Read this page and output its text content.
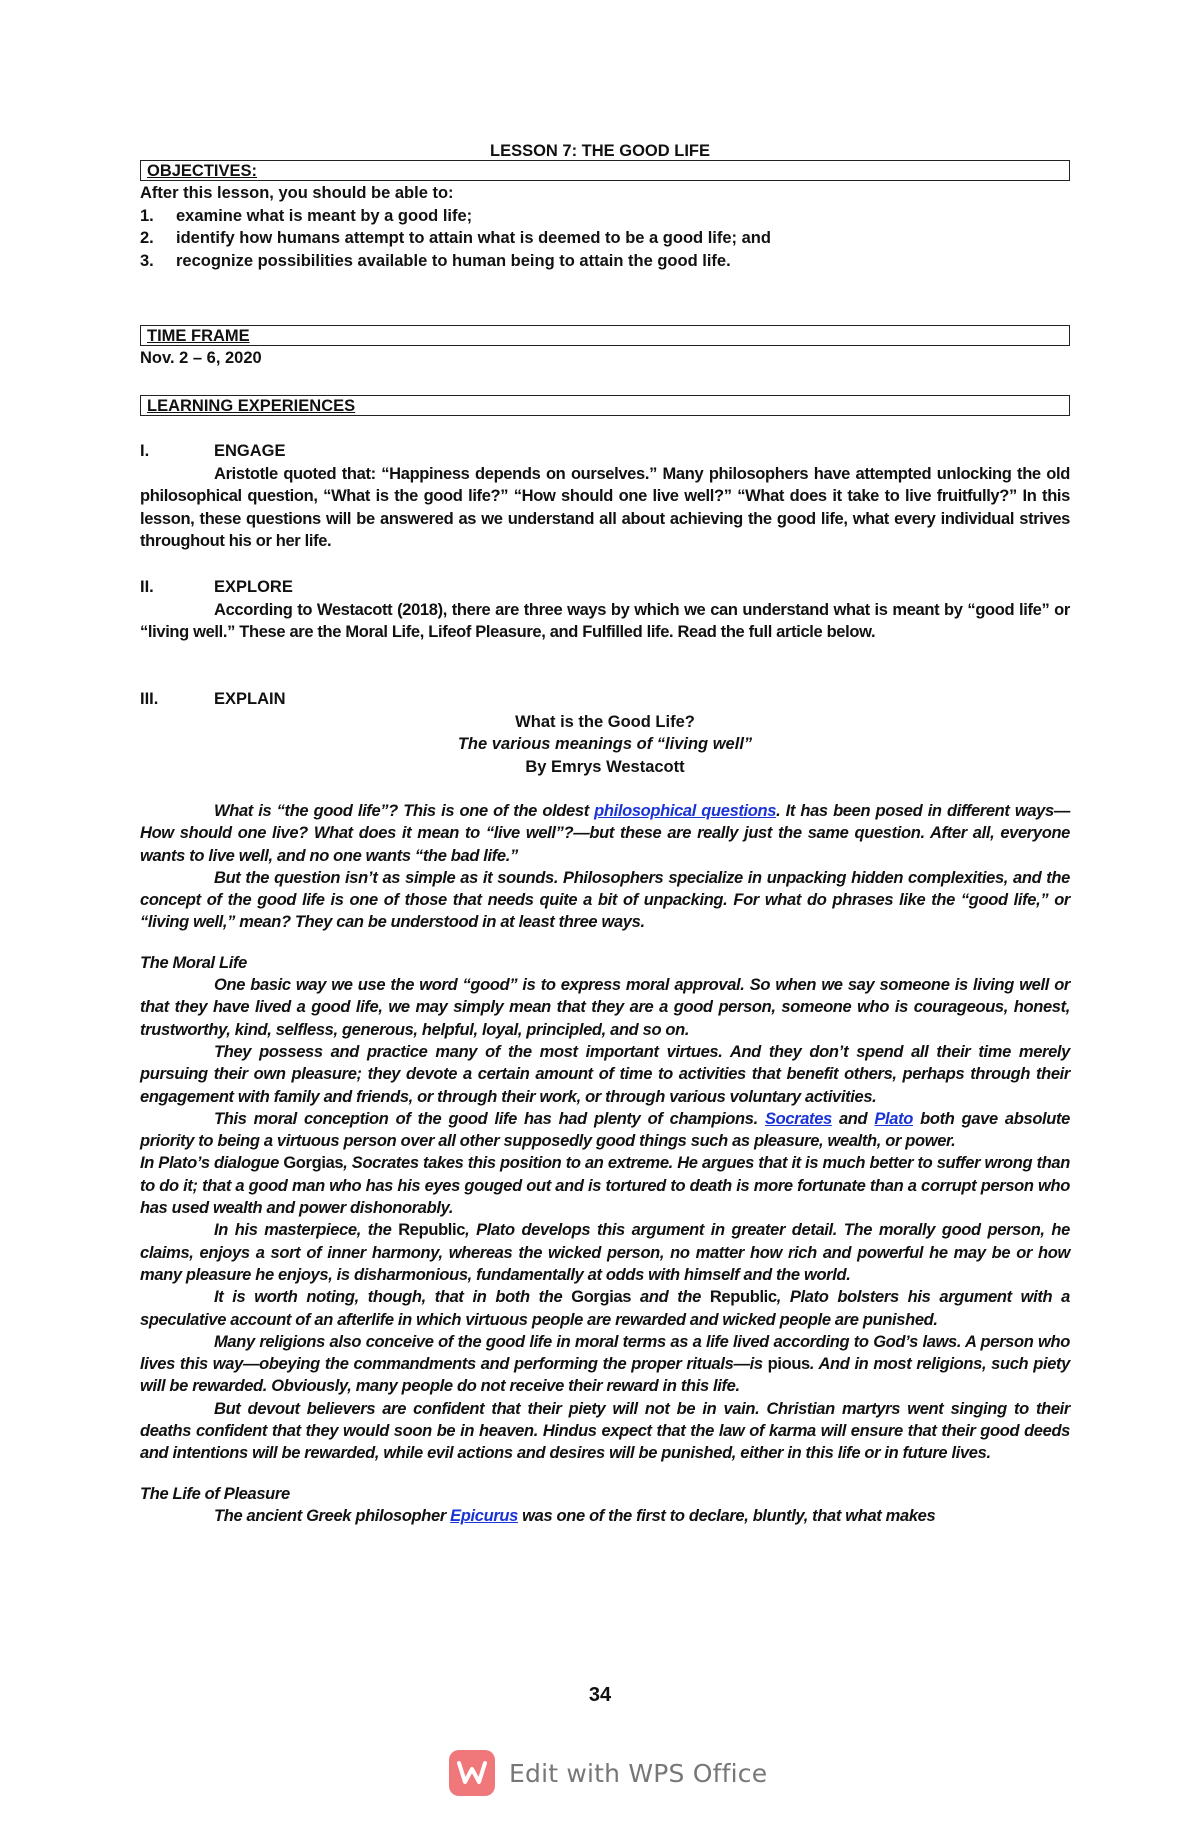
LESSON 7: THE GOOD LIFE
OBJECTIVES:

After this lesson, you should be able to:

1.	examine what is meant by a good life;
2.	identify how humans attempt to attain what is deemed to be a good life; and
3.	recognize possibilities available to human being to attain the good life.
TIME FRAME

Nov. 2 – 6, 2020

LEARNING EXPERIENCES
I.	ENGAGE

Aristotle quoted that: “Happiness depends on ourselves.” Many philosophers have attempted unlocking the old philosophical question, “What is the good life?” “How should one live well?” “What does it take to live fruitfully?” In this lesson, these questions will be answered as we understand all about achieving the good life, what every individual strives throughout his or her life.

II.	EXPLORE

According to Westacott (2018), there are three ways by which we can understand what is meant by “good life” or “living well.” These are the Moral Life, Lifeof Pleasure, and Fulfilled life. Read the full article below.

III.	EXPLAIN

What is the Good Life?

The various meanings of “living well”

By Emrys Westacott

What is “the good life”? This is one of the oldest philosophical questions. It has been posed in different ways—How should one live? What does it mean to “live well”?—but these are really just the same question. After all, everyone wants to live well, and no one wants “the bad life.”

But the question isn’t as simple as it sounds. Philosophers specialize in unpacking hidden complexities, and the concept of the good life is one of those that needs quite a bit of unpacking. For what do phrases like the “good life,” or “living well,” mean? They can be understood in at least three ways.

The Moral Life

One basic way we use the word “good” is to express moral approval. So when we say someone is living well or that they have lived a good life, we may simply mean that they are a good person, someone who is courageous, honest, trustworthy, kind, selfless, generous, helpful, loyal, principled, and so on.

They possess and practice many of the most important virtues. And they don’t spend all their time merely pursuing their own pleasure; they devote a certain amount of time to activities that benefit others, perhaps through their engagement with family and friends, or through their work, or through various voluntary activities.

This moral conception of the good life has had plenty of champions. Socrates and Plato both gave absolute priority to being a virtuous person over all other supposedly good things such as pleasure, wealth, or power.

In Plato’s dialogue Gorgias, Socrates takes this position to an extreme. He argues that it is much better to suffer wrong than to do it; that a good man who has his eyes gouged out and is tortured to death is more fortunate than a corrupt person who has used wealth and power dishonorably.

In his masterpiece, the Republic, Plato develops this argument in greater detail. The morally good person, he claims, enjoys a sort of inner harmony, whereas the wicked person, no matter how rich and powerful he may be or how many pleasure he enjoys, is disharmonious, fundamentally at odds with himself and the world.

It is worth noting, though, that in both the Gorgias and the Republic, Plato bolsters his argument with a speculative account of an afterlife in which virtuous people are rewarded and wicked people are punished.

Many religions also conceive of the good life in moral terms as a life lived according to God’s laws. A person who lives this way—obeying the commandments and performing the proper rituals—is pious. And in most religions, such piety will be rewarded. Obviously, many people do not receive their reward in this life.

But devout believers are confident that their piety will not be in vain. Christian martyrs went singing to their deaths confident that they would soon be in heaven. Hindus expect that the law of karma will ensure that their good deeds and intentions will be rewarded, while evil actions and desires will be punished, either in this life or in future lives.

The Life of Pleasure

The ancient Greek philosopher Epicurus was one of the first to declare, bluntly, that what makes

34
Edit with WPS Office
